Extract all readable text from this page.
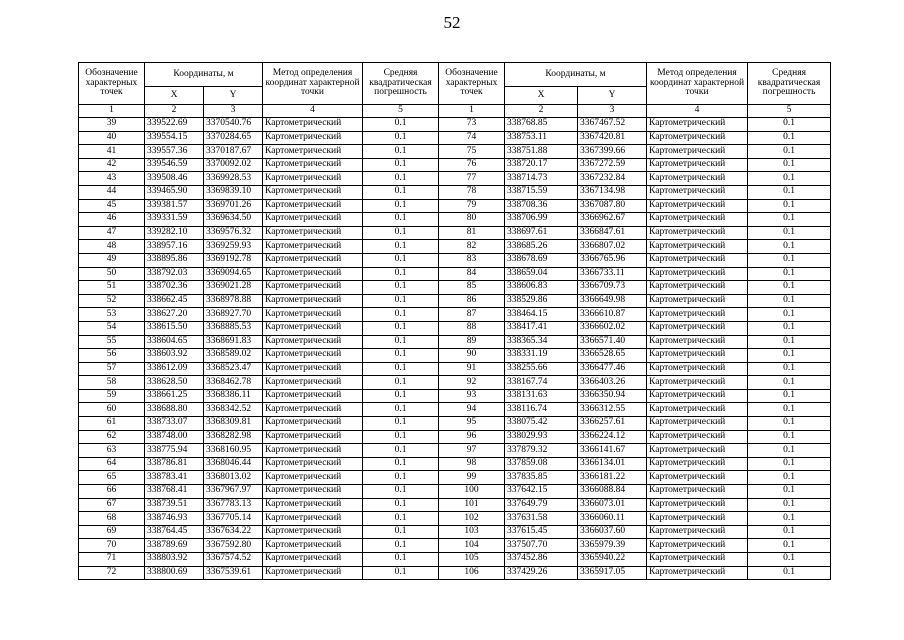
52
Обозначение характерных точек	Координаты, м		Метод определения координат характерной точки	Средняя квадратическая погрешность	Обозначение характерных точек	Координаты, м		Метод определения координат характерной точки	Средняя квадратическая погрешность
	X	Y				X	Y		
1	2	3	4	5	1	2	3	4	5
39	339522.69	3370540.76	Картометрический	0.1	73	338768.85	3367467.52	Картометрический	0.1
40	339554.15	3370284.65	Картометрический	0.1	74	338753.11	3367420.81	Картометрический	0.1
41	339557.36	3370187.67	Картометрический	0.1	75	338751.88	3367399.66	Картометрический	0.1
42	339546.59	3370092.02	Картометрический	0.1	76	338720.17	3367272.59	Картометрический	0.1
43	339508.46	3369928.53	Картометрический	0.1	77	338714.73	3367232.84	Картометрический	0.1
44	339465.90	3369839.10	Картометрический	0.1	78	338715.59	3367134.98	Картометрический	0.1
45	339381.57	3369701.26	Картометрический	0.1	79	338708.36	3367087.80	Картометрический	0.1
46	339331.59	3369634.50	Картометрический	0.1	80	338706.99	3366962.67	Картометрический	0.1
47	339282.10	3369576.32	Картометрический	0.1	81	338697.61	3366847.61	Картометрический	0.1
48	338957.16	3369259.93	Картометрический	0.1	82	338685.26	3366807.02	Картометрический	0.1
49	338895.86	3369192.78	Картометрический	0.1	83	338678.69	3366765.96	Картометрический	0.1
50	338792.03	3369094.65	Картометрический	0.1	84	338659.04	3366733.11	Картометрический	0.1
51	338702.36	3369021.28	Картометрический	0.1	85	338606.83	3366709.73	Картометрический	0.1
52	338662.45	3368978.88	Картометрический	0.1	86	338529.86	3366649.98	Картометрический	0.1
53	338627.20	3368927.70	Картометрический	0.1	87	338464.15	3366610.87	Картометрический	0.1
54	338615.50	3368885.53	Картометрический	0.1	88	338417.41	3366602.02	Картометрический	0.1
55	338604.65	3368691.83	Картометрический	0.1	89	338365.34	3366571.40	Картометрический	0.1
56	338603.92	3368589.02	Картометрический	0.1	90	338331.19	3366528.65	Картометрический	0.1
57	338612.09	3368523.47	Картометрический	0.1	91	338255.66	3366477.46	Картометрический	0.1
58	338628.50	3368462.78	Картометрический	0.1	92	338167.74	3366403.26	Картометрический	0.1
59	338661.25	3368386.11	Картометрический	0.1	93	338131.63	3366350.94	Картометрический	0.1
60	338688.80	3368342.52	Картометрический	0.1	94	338116.74	3366312.55	Картометрический	0.1
61	338733.07	3368309.81	Картометрический	0.1	95	338075.42	3366257.61	Картометрический	0.1
62	338748.00	3368282.98	Картометрический	0.1	96	338029.93	3366224.12	Картометрический	0.1
63	338775.94	3368160.95	Картометрический	0.1	97	337879.32	3366141.67	Картометрический	0.1
64	338786.81	3368046.44	Картометрический	0.1	98	337859.08	3366134.01	Картометрический	0.1
65	338783.41	3368013.02	Картометрический	0.1	99	337835.85	3366181.22	Картометрический	0.1
66	338768.41	3367967.97	Картометрический	0.1	100	337642.15	3366088.84	Картометрический	0.1
67	338739.51	3367783.13	Картометрический	0.1	101	337649.79	3366073.01	Картометрический	0.1
68	338746.93	3367705.14	Картометрический	0.1	102	337631.58	3366060.11	Картометрический	0.1
69	338764.45	3367634.22	Картометрический	0.1	103	337615.45	3366037.60	Картометрический	0.1
70	338789.69	3367592.80	Картометрический	0.1	104	337507.70	3365979.39	Картометрический	0.1
71	338803.92	3367574.52	Картометрический	0.1	105	337452.86	3365940.22	Картометрический	0.1
72	338800.69	3367539.61	Картометрический	0.1	106	337429.26	3365917.05	Картометрический	0.1
